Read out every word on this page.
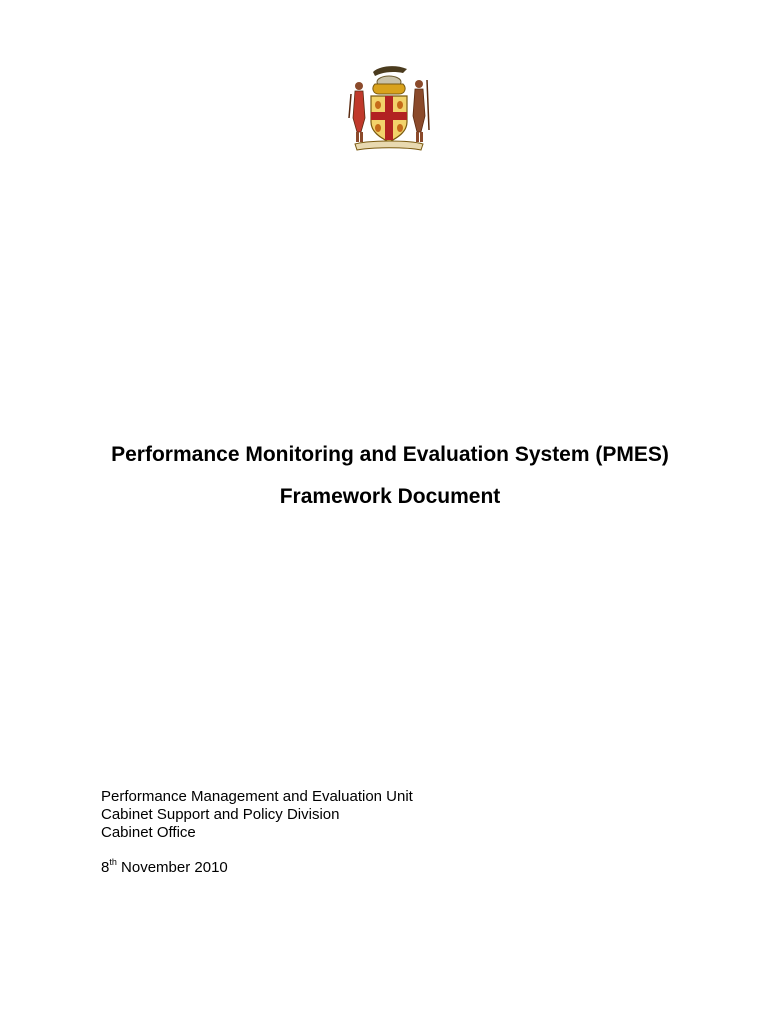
Performance Monitoring and Evaluation System (PMES)
Framework Document
Performance Management and Evaluation Unit
Cabinet Support and Policy Division
Cabinet Office
8th November 2010
